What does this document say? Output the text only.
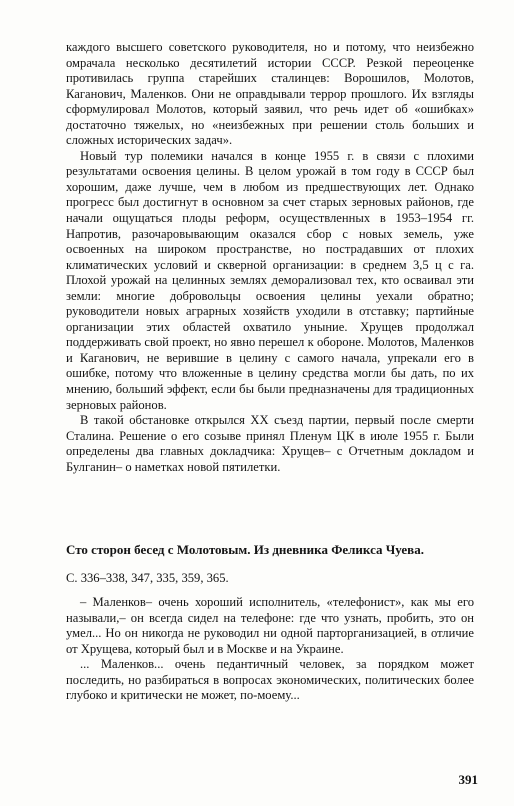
каждого высшего советского руководителя, но и потому, что неизбежно омрачала несколько десятилетий истории СССР. Резкой переоценке противилась группа старейших сталинцев: Ворошилов, Молотов, Каганович, Маленков. Они не оправдывали террор прошлого. Их взгляды сформулировал Молотов, который заявил, что речь идет об «ошибках» достаточно тяжелых, но «неизбежных при решении столь больших и сложных исторических задач».

Новый тур полемики начался в конце 1955 г. в связи с плохими результатами освоения целины. В целом урожай в том году в СССР был хорошим, даже лучше, чем в любом из предшествующих лет. Однако прогресс был достигнут в основном за счет старых зерновых районов, где начали ощущаться плоды реформ, осуществленных в 1953–1954 гг. Напротив, разочаровывающим оказался сбор с новых земель, уже освоенных на широком пространстве, но пострадавших от плохих климатических условий и скверной организации: в среднем 3,5 ц с га. Плохой урожай на целинных землях деморализовал тех, кто осваивал эти земли: многие добровольцы освоения целины уехали обратно; руководители новых аграрных хозяйств уходили в отставку; партийные организации этих областей охватило уныние. Хрущев продолжал поддерживать свой проект, но явно перешел к обороне. Молотов, Маленков и Каганович, не верившие в целину с самого начала, упрекали его в ошибке, потому что вложенные в целину средства могли бы дать, по их мнению, больший эффект, если бы были предназначены для традиционных зерновых районов.

В такой обстановке открылся XX съезд партии, первый после смерти Сталина. Решение о его созыве принял Пленум ЦК в июле 1955 г. Были определены два главных докладчика: Хрущев– с Отчетным докладом и Булганин– о наметках новой пятилетки.

Сто сторон бесед с Молотовым. Из дневника Феликса Чуева.
С. 336–338, 347, 335, 359, 365.

– Маленков– очень хороший исполнитель, «телефонист», как мы его называли,– он всегда сидел на телефоне: где что узнать, пробить, это он умел... Но он никогда не руководил ни одной парторганизацией, в отличие от Хрущева, который был и в Москве и на Украине.

... Маленков... очень педантичный человек, за порядком может последить, но разбираться в вопросах экономических, политических более глубоко и критически не может, по-моему...

391
